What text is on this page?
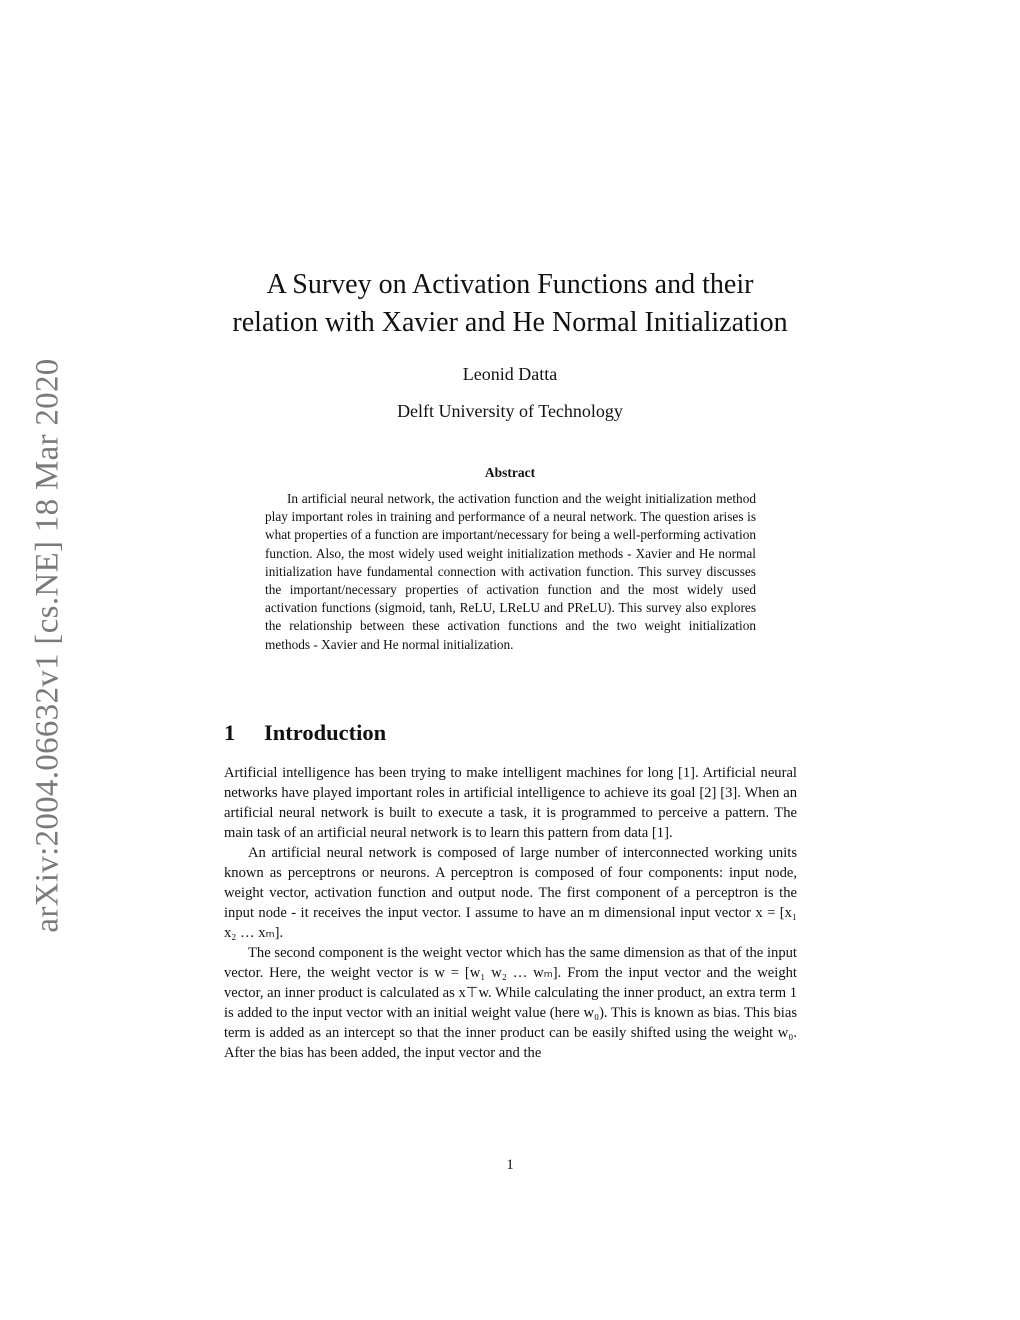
arXiv:2004.06632v1 [cs.NE] 18 Mar 2020
A Survey on Activation Functions and their
relation with Xavier and He Normal Initialization
Leonid Datta
Delft University of Technology
Abstract

In artificial neural network, the activation function and the weight initialization method play important roles in training and performance of a neural network. The question arises is what properties of a function are important/necessary for being a well-performing activation function. Also, the most widely used weight initialization methods - Xavier and He normal initialization have fundamental connection with activation function. This survey discusses the important/necessary properties of activation function and the most widely used activation functions (sigmoid, tanh, ReLU, LReLU and PReLU). This survey also explores the relationship between these activation functions and the two weight initialization methods - Xavier and He normal initialization.

1 Introduction

Artificial intelligence has been trying to make intelligent machines for long [1]. Artificial neural networks have played important roles in artificial intelligence to achieve its goal [2] [3]. When an artificial neural network is built to execute a task, it is programmed to perceive a pattern. The main task of an artificial neural network is to learn this pattern from data [1].

An artificial neural network is composed of large number of interconnected working units known as perceptrons or neurons. A perceptron is composed of four components: input node, weight vector, activation function and output node. The first component of a perceptron is the input node - it receives the input vector. I assume to have an m dimensional input vector x = [x₁ x₂ … xₘ].

The second component is the weight vector which has the same dimension as that of the input vector. Here, the weight vector is w = [w₁ w₂ … wₘ]. From the input vector and the weight vector, an inner product is calculated as x⊤w. While calculating the inner product, an extra term 1 is added to the input vector with an initial weight value (here w₀). This is known as bias. This bias term is added as an intercept so that the inner product can be easily shifted using the weight w₀. After the bias has been added, the input vector and the

1
